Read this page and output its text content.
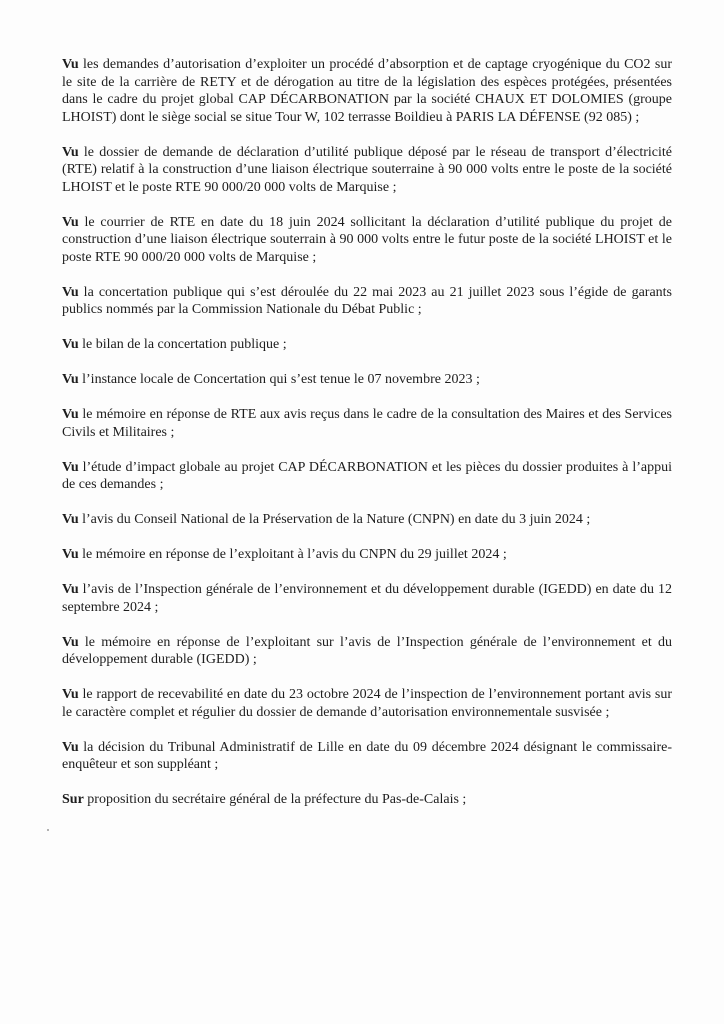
Vu les demandes d’autorisation d’exploiter un procédé d’absorption et de captage cryogénique du CO2 sur le site de la carrière de RETY et de dérogation au titre de la législation des espèces protégées, présentées dans le cadre du projet global CAP DÉCARBONATION par la société CHAUX ET DOLOMIES (groupe LHOIST) dont le siège social se situe Tour W, 102 terrasse Boildieu à PARIS LA DÉFENSE (92 085) ;

Vu le dossier de demande de déclaration d’utilité publique déposé par le réseau de transport d’électricité (RTE) relatif à la construction d’une liaison électrique souterraine à 90 000 volts entre le poste de la société LHOIST et le poste RTE 90 000/20 000 volts de Marquise ;

Vu le courrier de RTE en date du 18 juin 2024 sollicitant la déclaration d’utilité publique du projet de construction d’une liaison électrique souterrain à 90 000 volts entre le futur poste de la société LHOIST et le poste RTE 90 000/20 000 volts de Marquise ;

Vu la concertation publique qui s’est déroulée du 22 mai 2023 au 21 juillet 2023 sous l’égide de garants publics nommés par la Commission Nationale du Débat Public ;

Vu le bilan de la concertation publique ;

Vu l’instance locale de Concertation qui s’est tenue le 07 novembre 2023 ;

Vu le mémoire en réponse de RTE aux avis reçus dans le cadre de la consultation des Maires et des Services Civils et Militaires ;

Vu l’étude d’impact globale au projet CAP DÉCARBONATION et les pièces du dossier produites à l’appui de ces demandes ;

Vu l’avis du Conseil National de la Préservation de la Nature (CNPN) en date du 3 juin 2024 ;

Vu le mémoire en réponse de l’exploitant à l’avis du CNPN du 29 juillet 2024 ;

Vu l’avis de l’Inspection générale de l’environnement et du développement durable (IGEDD) en date du 12 septembre 2024 ;

Vu le mémoire en réponse de l’exploitant sur l’avis de l’Inspection générale de l’environnement et du développement durable (IGEDD) ;

Vu le rapport de recevabilité en date du 23 octobre 2024 de l’inspection de l’environnement portant avis sur le caractère complet et régulier du dossier de demande d’autorisation environnementale susvisée ;

Vu la décision du Tribunal Administratif de Lille en date du 09 décembre 2024 désignant le commissaire-enquêteur et son suppléant ;

Sur proposition du secrétaire général de la préfecture du Pas-de-Calais ;
